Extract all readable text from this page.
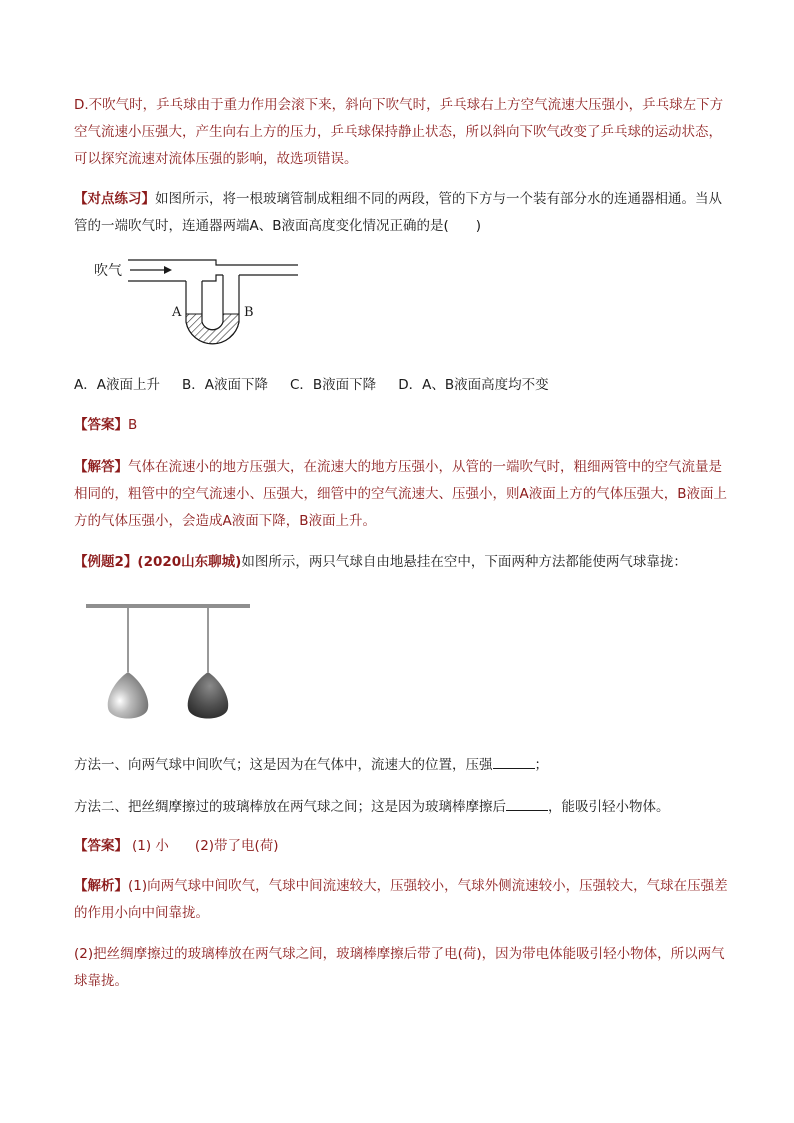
D.不吹气时，乒乓球由于重力作用会滚下来，斜向下吹气时，乒乓球右上方空气流速大压强小，乒乓球左下方空气流速小压强大，产生向右上方的压力，乒乓球保持静止状态，所以斜向下吹气改变了乒乓球的运动状态，可以探究流速对流体压强的影响，故选项错误。
【对点练习】如图所示，将一根玻璃管制成粗细不同的两段，管的下方与一个装有部分水的连通器相通。当从管的一端吹气时，连通器两端A、B液面高度变化情况正确的是(　　)
吹气
A	B
A．A液面上升 B．A液面下降 C．B液面下降 D．A、B液面高度均不变
【答案】B
【解答】气体在流速小的地方压强大，在流速大的地方压强小，从管的一端吹气时，粗细两管中的空气流量是相同的，粗管中的空气流速小、压强大，细管中的空气流速大、压强小，则A液面上方的气体压强大，B液面上方的气体压强小，会造成A液面下降，B液面上升。
【例题2】(2020山东聊城)如图所示，两只气球自由地悬挂在空中，下面两种方法都能使两气球靠拢：
方法一、向两气球中间吹气；这是因为在气体中，流速大的位置，压强	；
方法二、把丝绸摩擦过的玻璃棒放在两气球之间；这是因为玻璃棒摩擦后	，能吸引轻小物体。
【答案】 (1) 小 (2)带了电(荷)
【解析】(1)向两气球中间吹气，气球中间流速较大，压强较小，气球外侧流速较小，压强较大，气球在压强差的作用小向中间靠拢。
(2)把丝绸摩擦过的玻璃棒放在两气球之间，玻璃棒摩擦后带了电(荷)，因为带电体能吸引轻小物体，所以两气球靠拢。
